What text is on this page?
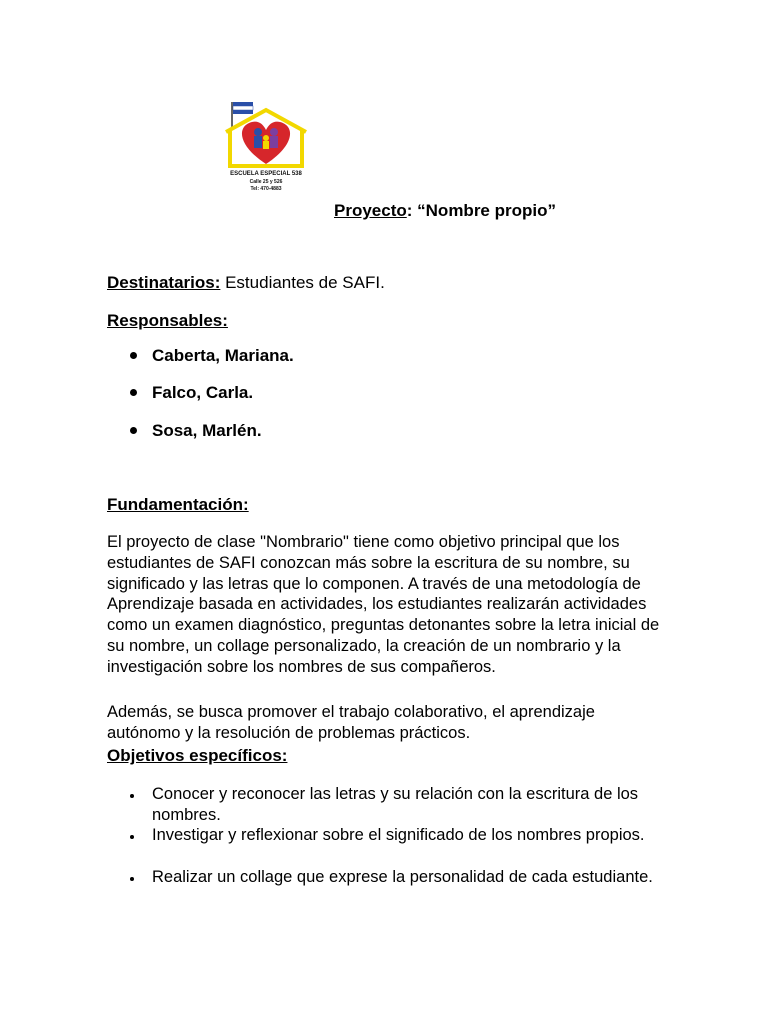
ESCUELA ESPECIAL 538
Calle 25 y 526
Tel: 470-4883
Proyecto: “Nombre propio”
Destinatarios: Estudiantes de SAFI.
Responsables:
Caberta, Mariana.
Falco, Carla.
Sosa, Marlén.
Fundamentación:
El proyecto de clase "Nombrario" tiene como objetivo principal que los estudiantes de SAFI conozcan más sobre la escritura de su nombre, su significado y las letras que lo componen. A través de una metodología de Aprendizaje basada en actividades, los estudiantes realizarán actividades como un examen diagnóstico, preguntas detonantes sobre la letra inicial de su nombre, un collage personalizado, la creación de un nombrario y la investigación sobre los nombres de sus compañeros.
Además, se busca promover el trabajo colaborativo, el aprendizaje autónomo y la resolución de problemas prácticos.
Objetivos específicos:
Conocer y reconocer las letras y su relación con la escritura de los nombres.
Investigar y reflexionar sobre el significado de los nombres propios.
Realizar un collage que exprese la personalidad de cada estudiante.
